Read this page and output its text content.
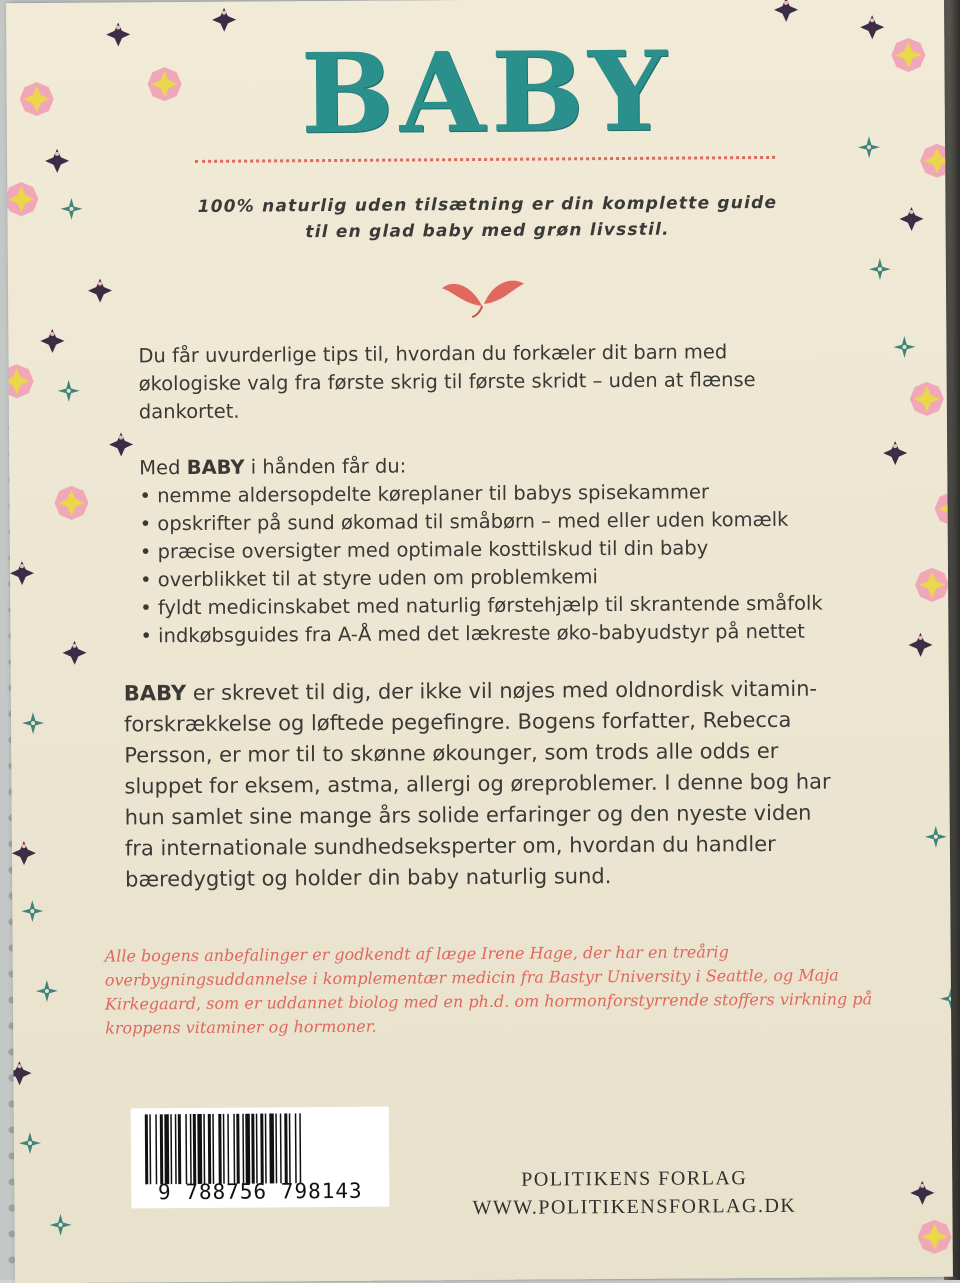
BABY
100% naturlig uden tilsætning er din komplette guide
til en glad baby med grøn livsstil.

Du får uvurderlige tips til, hvordan du forkæler dit barn med økologiske valg fra første skrig til første skridt – uden at flænse dankortet.

Med BABY i hånden får du:
• nemme aldersopdelte køreplaner til babys spisekammer
• opskrifter på sund økomad til småbørn – med eller uden komælk
• præcise oversigter med optimale kosttilskud til din baby
• overblikket til at styre uden om problemkemi
• fyldt medicinskabet med naturlig førstehjælp til skrantende småfolk
• indkøbsguides fra A-Å med det lækreste øko-babyudstyr på nettet

BABY er skrevet til dig, der ikke vil nøjes med oldnordisk vitamin-forskrækkelse og løftede pegefingre. Bogens forfatter, Rebecca Persson, er mor til to skønne økounger, som trods alle odds er sluppet for eksem, astma, allergi og øreproblemer. I denne bog har hun samlet sine mange års solide erfaringer og den nyeste viden fra internationale sundhedseksperter om, hvordan du handler bæredygtigt og holder din baby naturlig sund.

Alle bogens anbefalinger er godkendt af læge Irene Hage, der har en treårig overbygningsuddannelse i komplementær medicin fra Bastyr University i Seattle, og Maja Kirkegaard, som er uddannet biolog med en ph.d. om hormonforstyrrende stoffers virkning på kroppens vitaminer og hormoner.

9 788756 798143	POLITIKENS FORLAG
WWW.POLITIKENSFORLAG.DK
